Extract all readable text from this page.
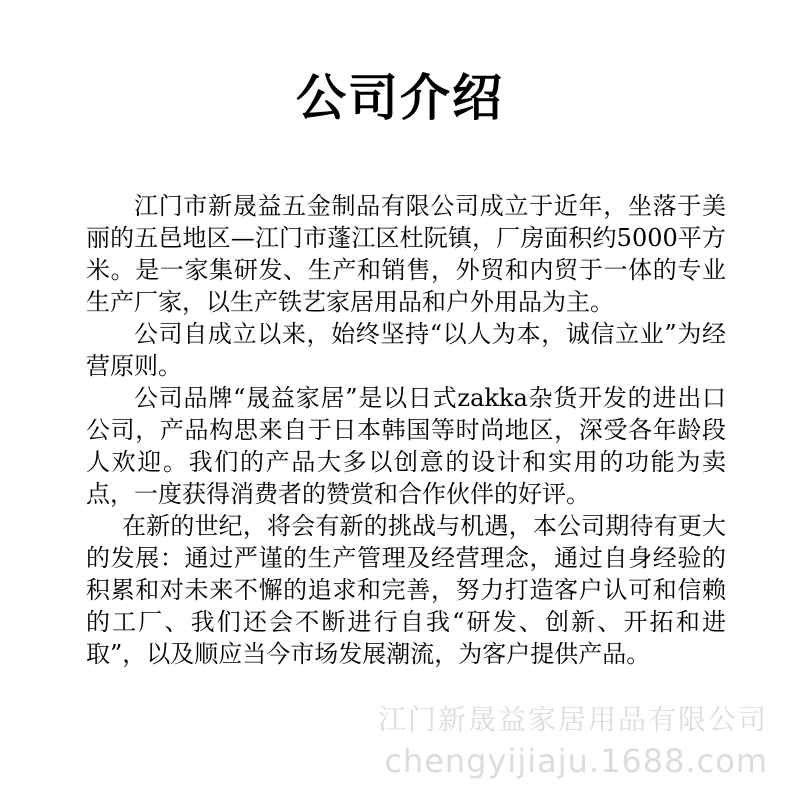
公司介绍

江门市新晟益五金制品有限公司成立于近年，坐落于美丽的五邑地区—江门市蓬江区杜阮镇，厂房面积约5000平方米。是一家集研发、生产和销售，外贸和内贸于一体的专业生产厂家，以生产铁艺家居用品和户外用品为主。

公司自成立以来，始终坚持“以人为本，诚信立业”为经营原则。

公司品牌“晟益家居”是以日式zakka杂货开发的进出口公司，产品构思来自于日本韩国等时尚地区，深受各年龄段人欢迎。我们的产品大多以创意的设计和实用的功能为卖点，一度获得消费者的赞赏和合作伙伴的好评。

在新的世纪，将会有新的挑战与机遇，本公司期待有更大的发展：通过严谨的生产管理及经营理念，通过自身经验的积累和对未来不懈的追求和完善，努力打造客户认可和信赖的工厂、我们还会不断进行自我“研发、创新、开拓和进取”，以及顺应当今市场发展潮流，为客户提供产品。

江门新晟益家居用品有限公司
chengyijiaju.1688.com
